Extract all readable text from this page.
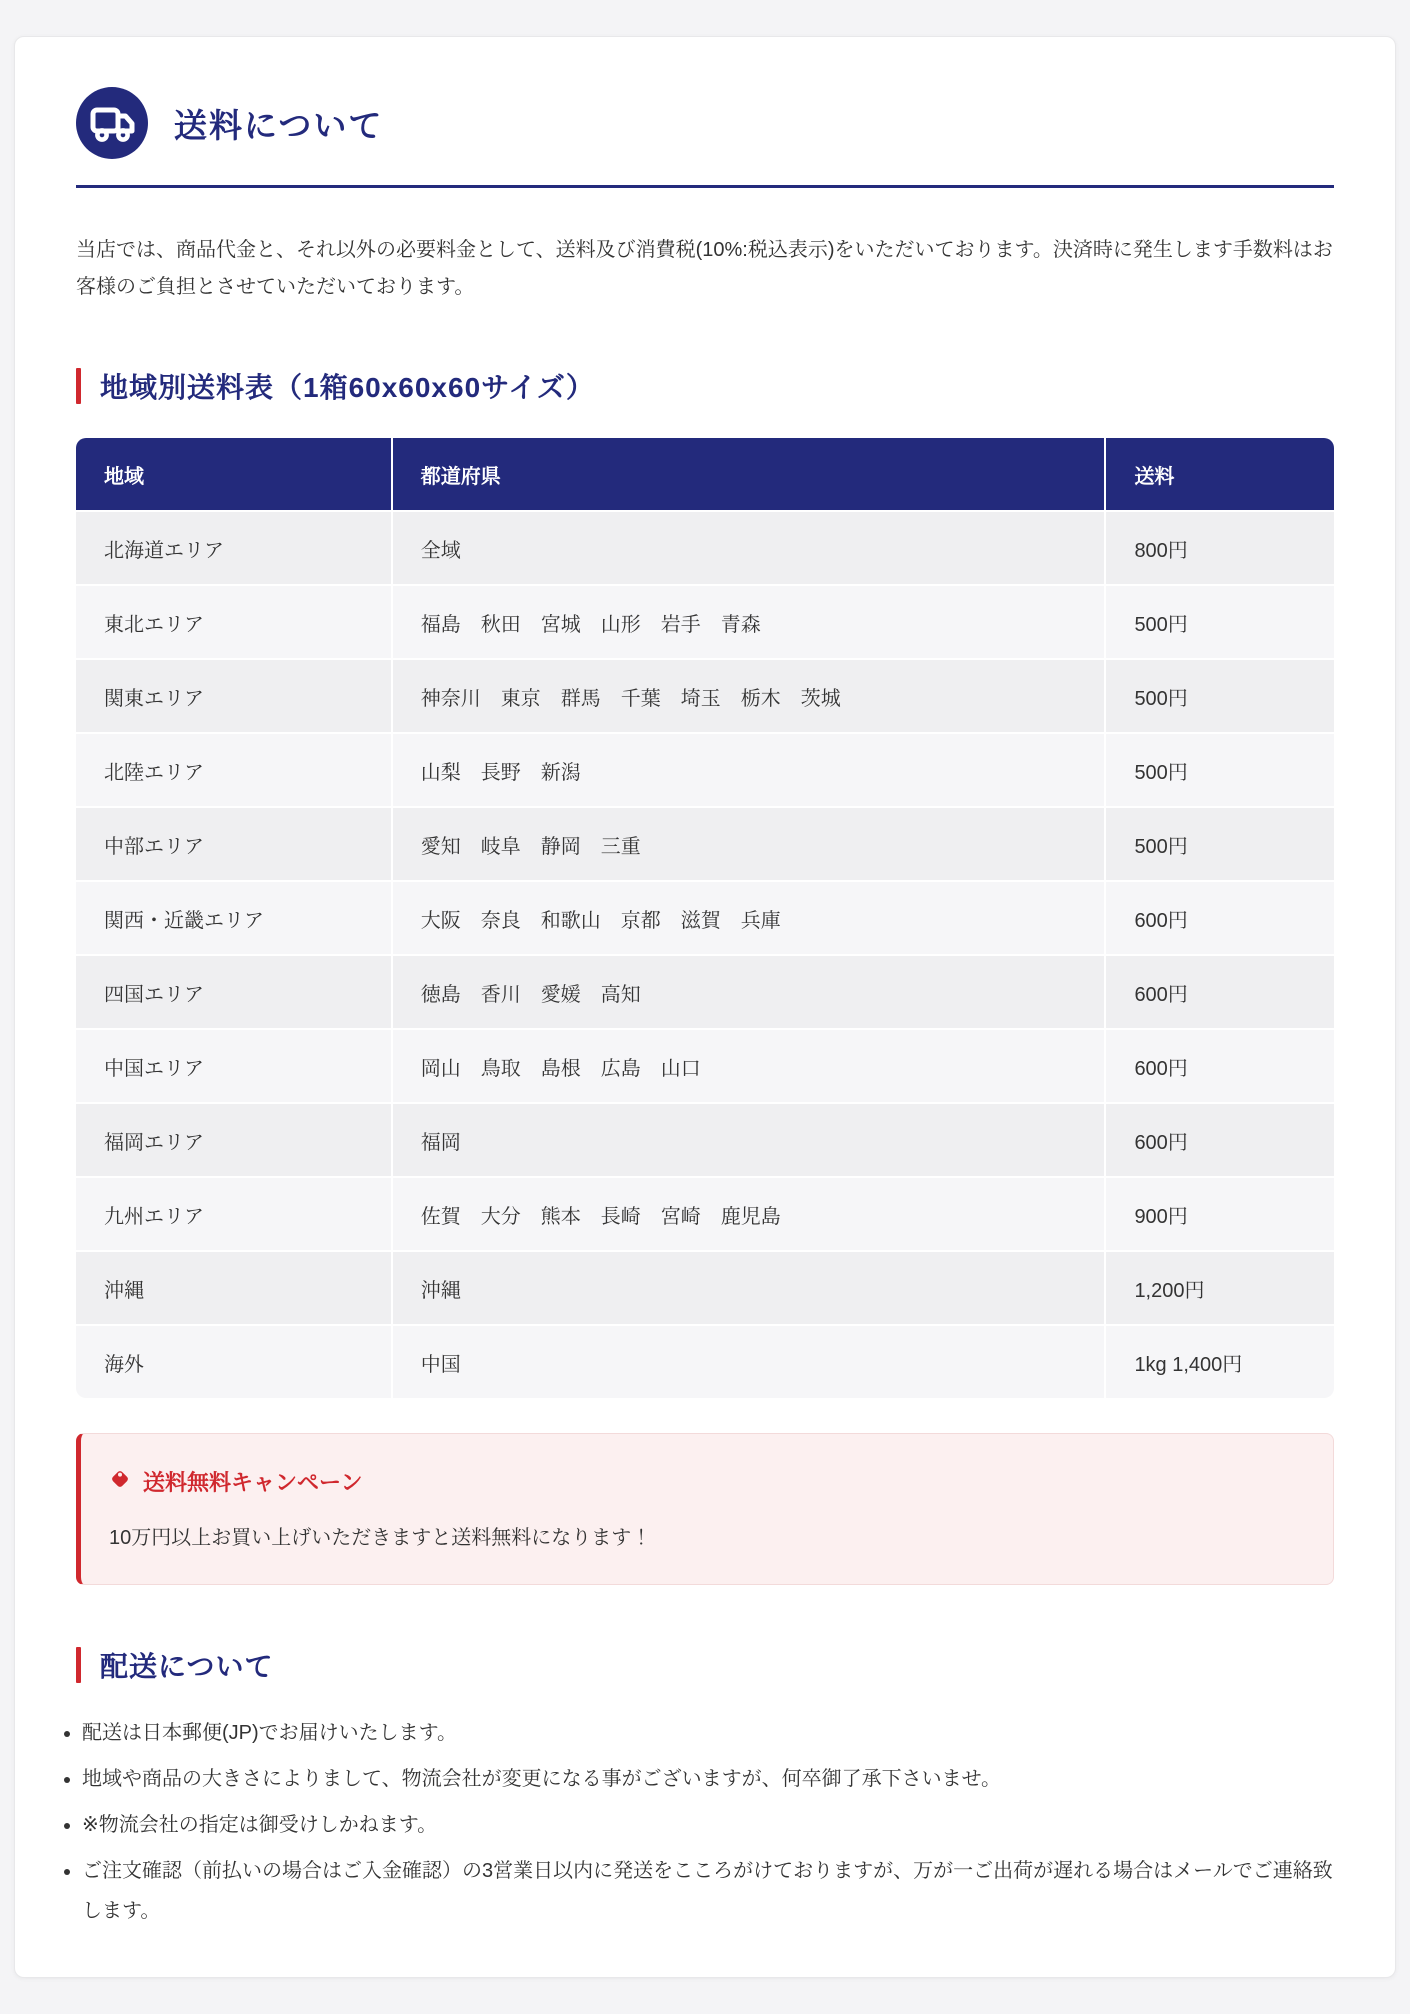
送料について

当店では、商品代金と、それ以外の必要料金として、送料及び消費税(10%:税込表示)をいただいております。決済時に発生します手数料はお客様のご負担とさせていただいております。

地域別送料表（1箱60x60x60サイズ）
地域	都道府県	送料
北海道エリア	全域	800円
東北エリア	福島　秋田　宮城　山形　岩手　青森	500円
関東エリア	神奈川　東京　群馬　千葉　埼玉　栃木　茨城	500円
北陸エリア	山梨　長野　新潟	500円
中部エリア	愛知　岐阜　静岡　三重	500円
関西・近畿エリア	大阪　奈良　和歌山　京都　滋賀　兵庫	600円
四国エリア	徳島　香川　愛媛　高知	600円
中国エリア	岡山　鳥取　島根　広島　山口	600円
福岡エリア	福岡	600円
九州エリア	佐賀　大分　熊本　長崎　宮崎　鹿児島	900円
沖縄	沖縄	1,200円
海外	中国	1kg 1,400円
送料無料キャンペーン
10万円以上お買い上げいただきますと送料無料になります！
配送について
• 配送は日本郵便(JP)でお届けいたします。
• 地域や商品の大きさによりまして、物流会社が変更になる事がございますが、何卒御了承下さいませ。
• ※物流会社の指定は御受けしかねます。
• ご注文確認（前払いの場合はご入金確認）の3営業日以内に発送をこころがけておりますが、万が一ご出荷が遅れる場合はメールでご連絡致します。
